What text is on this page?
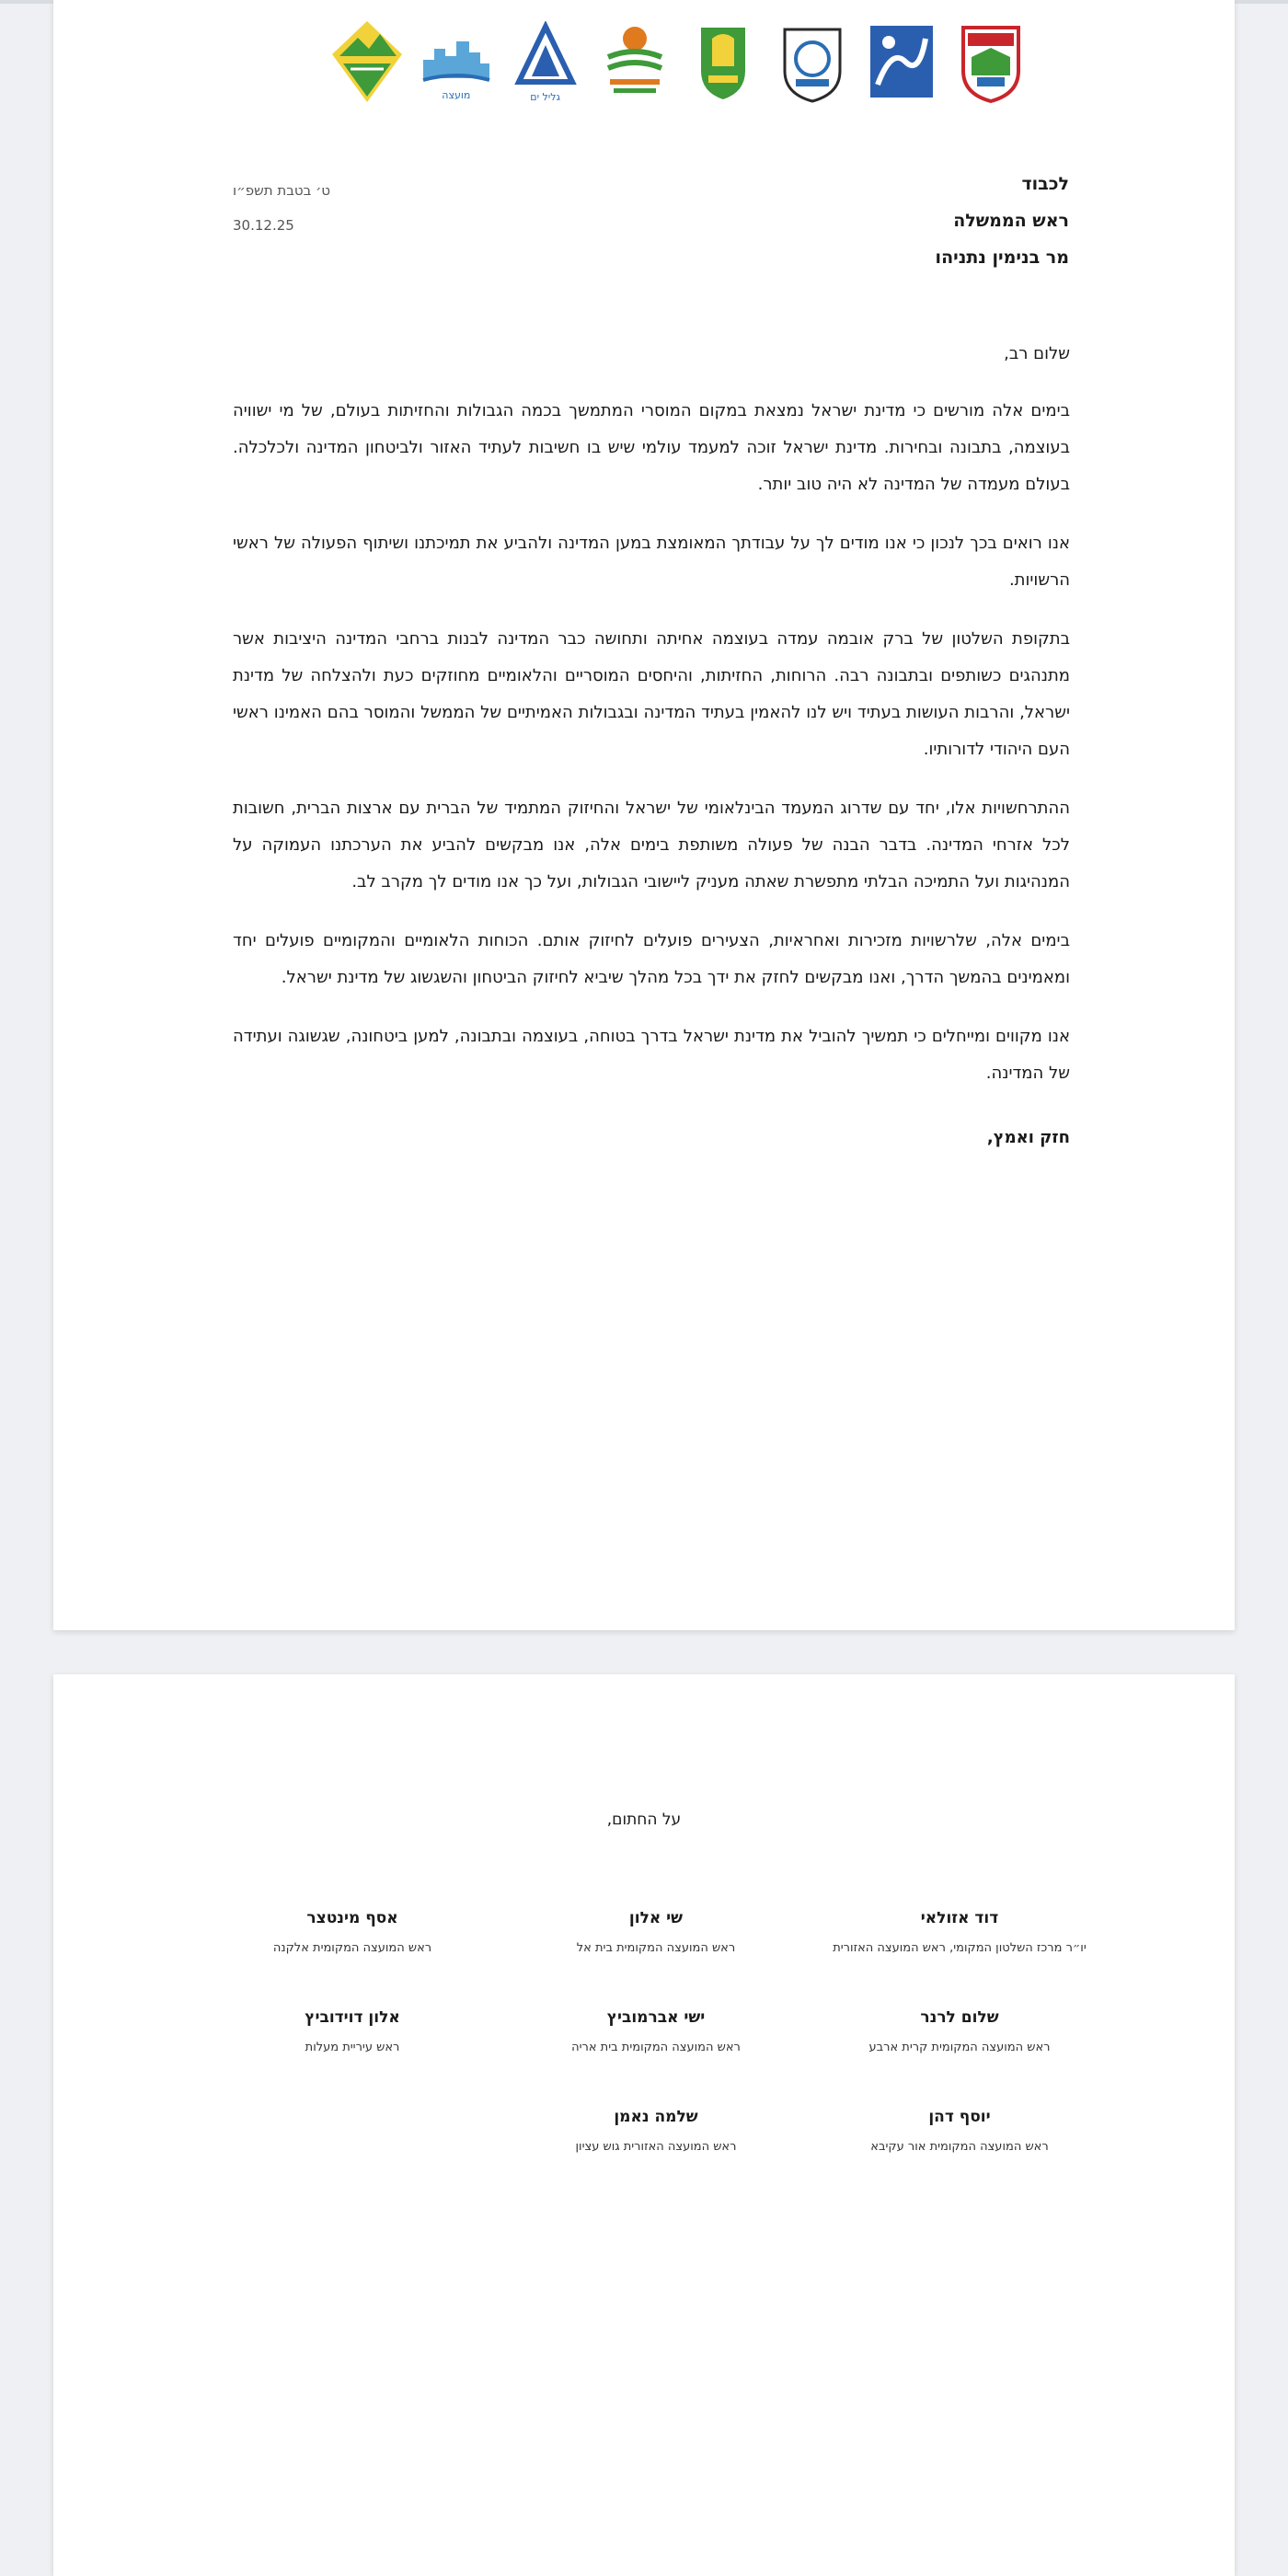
גליל ים
מועצה
לכבוד
ראש הממשלה
מר בנימין נתניהו
ט׳ בטבת תשפ״ו
30.12.25
שלום רב,

בימים אלה מורשים כי מדינת ישראל נמצאת במקום המוסרי המתמשך בכמה הגבולות והחזיתות בעולם, של מי ישוויה בעוצמה, בתבונה ובחירות. מדינת ישראל זוכה למעמד עולמי שיש בו חשיבות לעתיד האזור ולביטחון המדינה ולכלכלה. בעולם מעמדה של המדינה לא היה טוב יותר.

אנו רואים בכך לנכון כי אנו מודים לך על עבודתך המאומצת במען המדינה ולהביע את תמיכתנו ושיתוף הפעולה של ראשי הרשויות.

בתקופת השלטון של ברק אובמה עמדה בעוצמה אחיתה ותחושה כבר המדינה לבנות ברחבי המדינה היציבות אשר מתנהגים כשותפים ובתבונה רבה. הרוחות, החזיתות, והיחסים המוסריים והלאומיים מחוזקים כעת ולהצלחה של מדינת ישראל, והרבות העושות בעתיד ויש לנו להאמין בעתיד המדינה ובגבולות האמיתיים של הממשל והמוסר בהם האמינו ראשי העם היהודי לדורותיו.

ההתרחשויות אלו, יחד עם שדרוג המעמד הבינלאומי של ישראל והחיזוק המתמיד של הברית עם ארצות הברית, חשובות לכל אזרחי המדינה. בדבר הבנה של פעולה משותפת בימים אלה, אנו מבקשים להביע את הערכתנו העמוקה על המנהיגות ועל התמיכה הבלתי מתפשרת שאתה מעניק ליישובי הגבולות, ועל כך אנו מודים לך מקרב לב.

בימים אלה, שלרשויות מזכירות ואחראיות, הצעירים פועלים לחיזוק אותם. הכוחות הלאומיים והמקומיים פועלים יחד ומאמינים בהמשך הדרך, ואנו מבקשים לחזק את ידך בכל מהלך שיביא לחיזוק הביטחון והשגשוג של מדינת ישראל.

אנו מקווים ומייחלים כי תמשיך להוביל את מדינת ישראל בדרך בטוחה, בעוצמה ובתבונה, למען ביטחונה, שגשוגה ועתידה של המדינה.

חזק ואמץ,
על החתום,
דוד אזולאי
יו״ר מרכז השלטון המקומי, ראש המועצה האזורית
שי אלון
ראש המועצה המקומית בית אל
אסף מינטצר
ראש המועצה המקומית אלקנה
שלום לרנר
ראש המועצה המקומית קרית ארבע
ישי אברמוביץ
ראש המועצה המקומית בית אריה
אלון דוידוביץ
ראש עיריית מעלות
יוסף דהן
ראש המועצה המקומית אור עקיבא
שלמה נאמן
ראש המועצה האזורית גוש עציון
